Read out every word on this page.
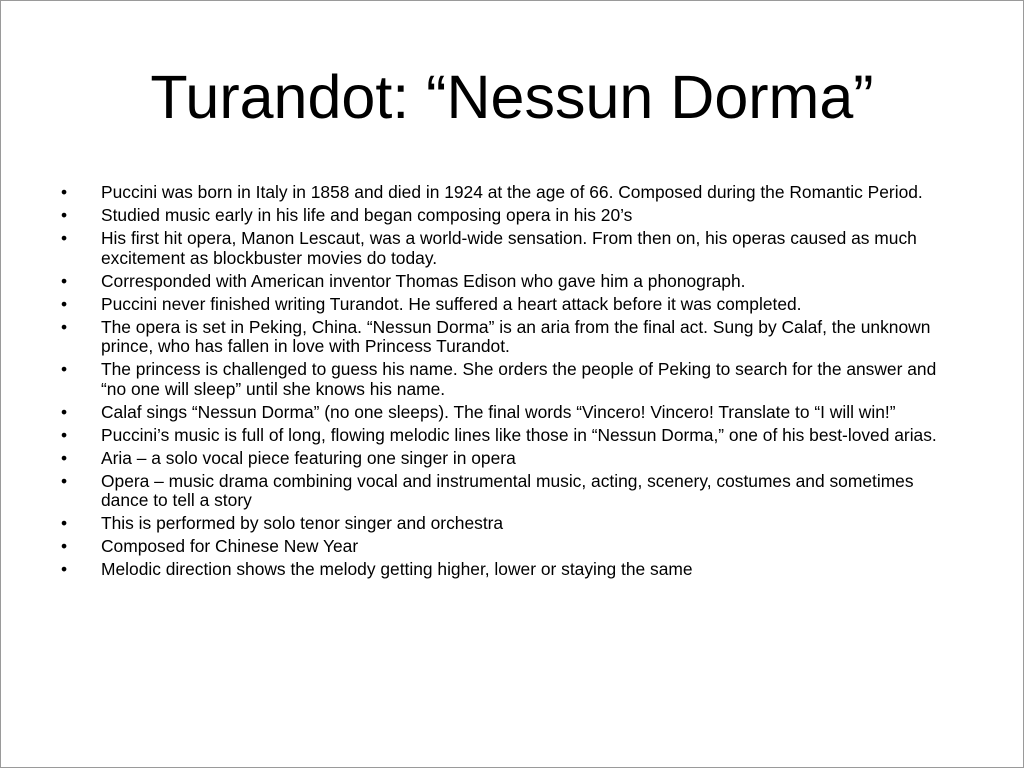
Turandot: “Nessun Dorma”
• Puccini was born in Italy in 1858 and died in 1924 at the age of 66. Composed during the Romantic Period.
• Studied music early in his life and began composing opera in his 20’s
• His first hit opera, Manon Lescaut, was a world-wide sensation. From then on, his operas caused as much excitement as blockbuster movies do today.
• Corresponded with American inventor Thomas Edison who gave him a phonograph.
• Puccini never finished writing Turandot. He suffered a heart attack before it was completed.
• The opera is set in Peking, China. “Nessun Dorma” is an aria from the final act. Sung by Calaf, the unknown prince, who has fallen in love with Princess Turandot.
• The princess is challenged to guess his name. She orders the people of Peking to search for the answer and “no one will sleep” until she knows his name.
• Calaf sings “Nessun Dorma” (no one sleeps). The final words “Vincero! Vincero! Translate to “I will win!”
• Puccini’s music is full of long, flowing melodic lines like those in “Nessun Dorma,” one of his best-loved arias.
• Aria – a solo vocal piece featuring one singer in opera
• Opera – music drama combining vocal and instrumental music, acting, scenery, costumes and sometimes dance to tell a story
• This is performed by solo tenor singer and orchestra
• Composed for Chinese New Year
• Melodic direction shows the melody getting higher, lower or staying the same
